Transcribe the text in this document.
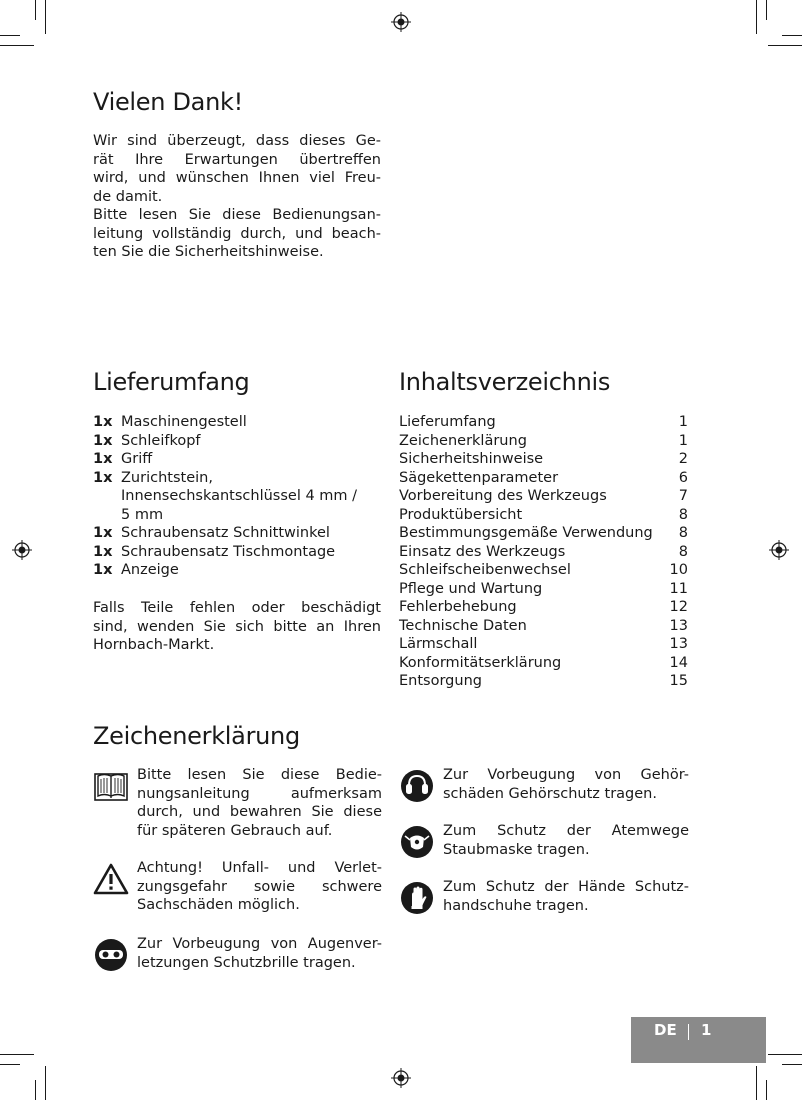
Vielen Dank!
Wir sind überzeugt, dass dieses Ge-
rät Ihre Erwartungen übertreffen
wird, und wünschen Ihnen viel Freu-
de damit.
Bitte lesen Sie diese Bedienungsan-
leitung vollständig durch, und beach-
ten Sie die Sicherheitshinweise.
Lieferumfang
1x Maschinengestell
1x Schleifkopf
1x Griff
1x Zurichtstein,
Innensechskantschlüssel 4 mm /
5 mm
1x Schraubensatz Schnittwinkel
1x Schraubensatz Tischmontage
1x Anzeige
Falls Teile fehlen oder beschädigt
sind, wenden Sie sich bitte an Ihren
Hornbach-Markt.
Inhaltsverzeichnis
Lieferumfang	1
Zeichenerklärung	1
Sicherheitshinweise	2
Sägekettenparameter	6
Vorbereitung des Werkzeugs	7
Produktübersicht	8
Bestimmungsgemäße Verwendung 8
Einsatz des Werkzeugs	8
Schleifscheibenwechsel	10
Pflege und Wartung	11
Fehlerbehebung	12
Technische Daten	13
Lärmschall	13
Konformitätserklärung	14
Entsorgung	15
Zeichenerklärung
Bitte lesen Sie diese Bedie-
nungsanleitung aufmerksam
durch, und bewahren Sie diese
für späteren Gebrauch auf.
Achtung! Unfall- und Verlet-
zungsgefahr sowie schwere
Sachschäden möglich.
Zur Vorbeugung von Augenver-
letzungen Schutzbrille tragen.
Zur Vorbeugung von Gehör-
schäden Gehörschutz tragen.
Zum Schutz der Atemwege
Staubmaske tragen.
Zum Schutz der Hände Schutz-
handschuhe tragen.
DE 1
